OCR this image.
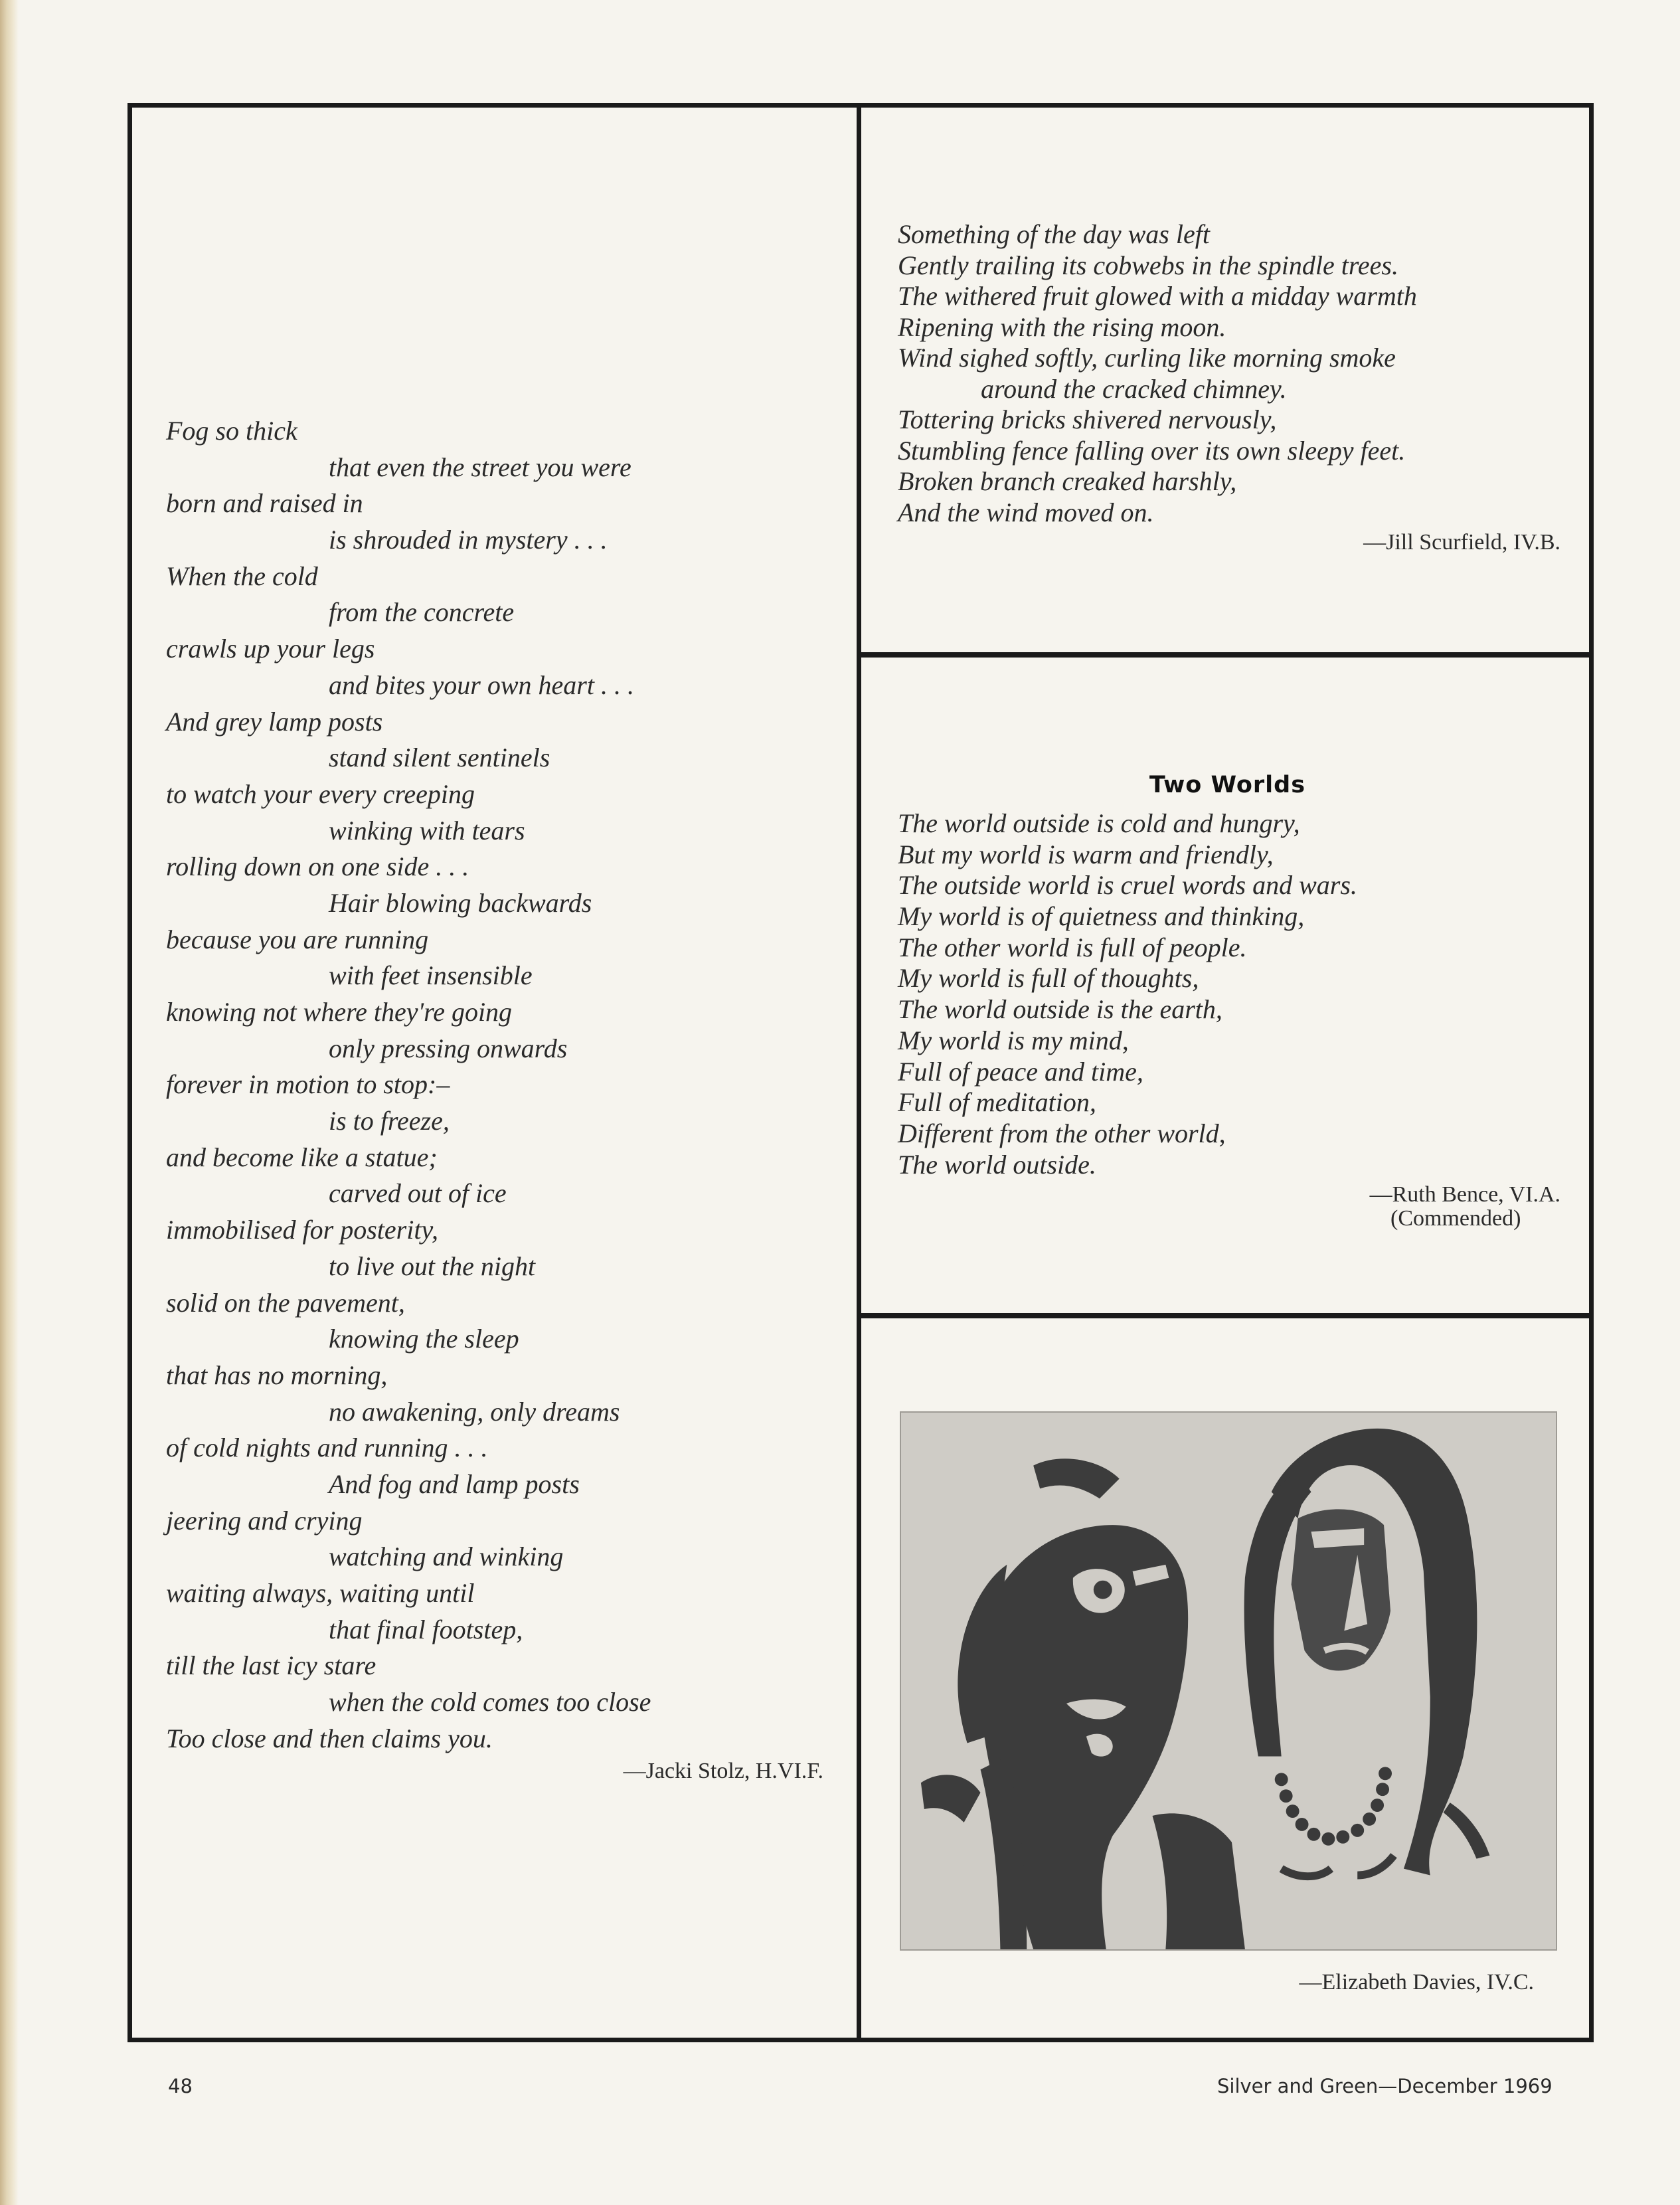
Fog so thick
that even the street you were
born and raised in
is shrouded in mystery . . .
When the cold
from the concrete
crawls up your legs
and bites your own heart . . .
And grey lamp posts
stand silent sentinels
to watch your every creeping
winking with tears
rolling down on one side . . .
Hair blowing backwards
because you are running
with feet insensible
knowing not where they're going
only pressing onwards
forever in motion to stop:–
is to freeze,
and become like a statue;
carved out of ice
immobilised for posterity,
to live out the night
solid on the pavement,
knowing the sleep
that has no morning,
no awakening, only dreams
of cold nights and running . . .
And fog and lamp posts
jeering and crying
watching and winking
waiting always, waiting until
that final footstep,
till the last icy stare
when the cold comes too close
Too close and then claims you.
—Jacki Stolz, H.VI.F.
Something of the day was left
Gently trailing its cobwebs in the spindle trees.
The withered fruit glowed with a midday warmth
Ripening with the rising moon.
Wind sighed softly, curling like morning smoke
around the cracked chimney.
Tottering bricks shivered nervously,
Stumbling fence falling over its own sleepy feet.
Broken branch creaked harshly,
And the wind moved on.
—Jill Scurfield, IV.B.
Two Worlds
The world outside is cold and hungry,
But my world is warm and friendly,
The outside world is cruel words and wars.
My world is of quietness and thinking,
The other world is full of people.
My world is full of thoughts,
The world outside is the earth,
My world is my mind,
Full of peace and time,
Full of meditation,
Different from the other world,
The world outside.
—Ruth Bence, VI.A.
(Commended)
—Elizabeth Davies, IV.C.
48	Silver and Green—December 1969
